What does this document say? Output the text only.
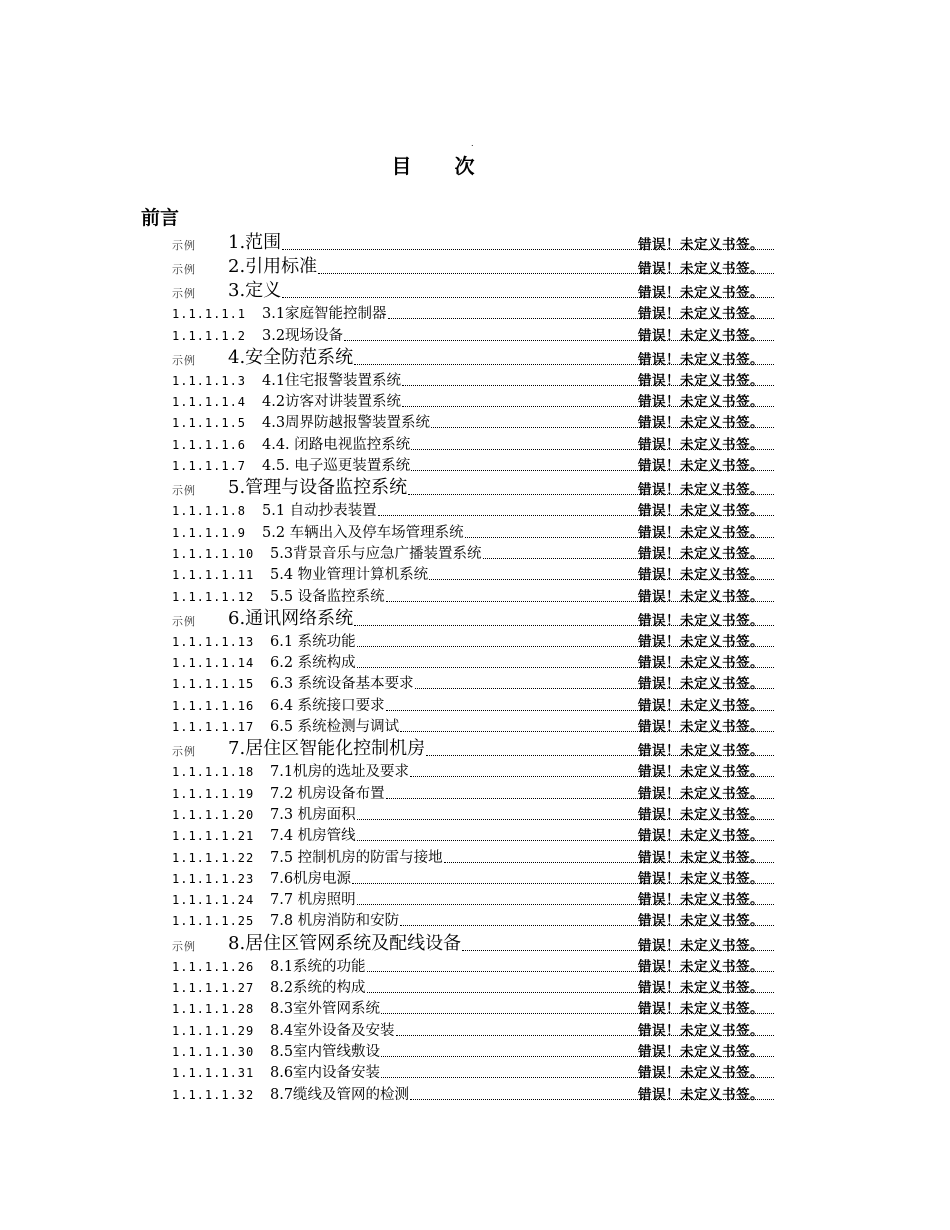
.
目 次
前言
示例 1.范围	错误！未定义书签。
示例 2.引用标准	错误！未定义书签。
示例 3.定义	错误！未定义书签。
1.1.1.1.1 3.1家庭智能控制器	错误！未定义书签。
1.1.1.1.2 3.2现场设备	错误！未定义书签。
示例 4.安全防范系统	错误！未定义书签。
1.1.1.1.3 4.1住宅报警装置系统	错误！未定义书签。
1.1.1.1.4 4.2访客对讲装置系统	错误！未定义书签。
1.1.1.1.5 4.3周界防越报警装置系统	错误！未定义书签。
1.1.1.1.6 4.4. 闭路电视监控系统	错误！未定义书签。
1.1.1.1.7 4.5. 电子巡更装置系统	错误！未定义书签。
示例 5.管理与设备监控系统	错误！未定义书签。
1.1.1.1.8 5.1 自动抄表装置	错误！未定义书签。
1.1.1.1.9 5.2 车辆出入及停车场管理系统	错误！未定义书签。
1.1.1.1.10 5.3背景音乐与应急广播装置系统	错误！未定义书签。
1.1.1.1.11 5.4 物业管理计算机系统	错误！未定义书签。
1.1.1.1.12 5.5 设备监控系统	错误！未定义书签。
示例 6.通讯网络系统	错误！未定义书签。
1.1.1.1.13 6.1 系统功能	错误！未定义书签。
1.1.1.1.14 6.2 系统构成	错误！未定义书签。
1.1.1.1.15 6.3 系统设备基本要求	错误！未定义书签。
1.1.1.1.16 6.4 系统接口要求	错误！未定义书签。
1.1.1.1.17 6.5 系统检测与调试	错误！未定义书签。
示例 7.居住区智能化控制机房	错误！未定义书签。
1.1.1.1.18 7.1机房的选址及要求	错误！未定义书签。
1.1.1.1.19 7.2 机房设备布置	错误！未定义书签。
1.1.1.1.20 7.3 机房面积	错误！未定义书签。
1.1.1.1.21 7.4 机房管线	错误！未定义书签。
1.1.1.1.22 7.5 控制机房的防雷与接地	错误！未定义书签。
1.1.1.1.23 7.6机房电源	错误！未定义书签。
1.1.1.1.24 7.7 机房照明	错误！未定义书签。
1.1.1.1.25 7.8 机房消防和安防	错误！未定义书签。
示例 8.居住区管网系统及配线设备	错误！未定义书签。
1.1.1.1.26 8.1系统的功能	错误！未定义书签。
1.1.1.1.27 8.2系统的构成	错误！未定义书签。
1.1.1.1.28 8.3室外管网系统	错误！未定义书签。
1.1.1.1.29 8.4室外设备及安装	错误！未定义书签。
1.1.1.1.30 8.5室内管线敷设	错误！未定义书签。
1.1.1.1.31 8.6室内设备安装	错误！未定义书签。
1.1.1.1.32 8.7缆线及管网的检测	错误！未定义书签。
